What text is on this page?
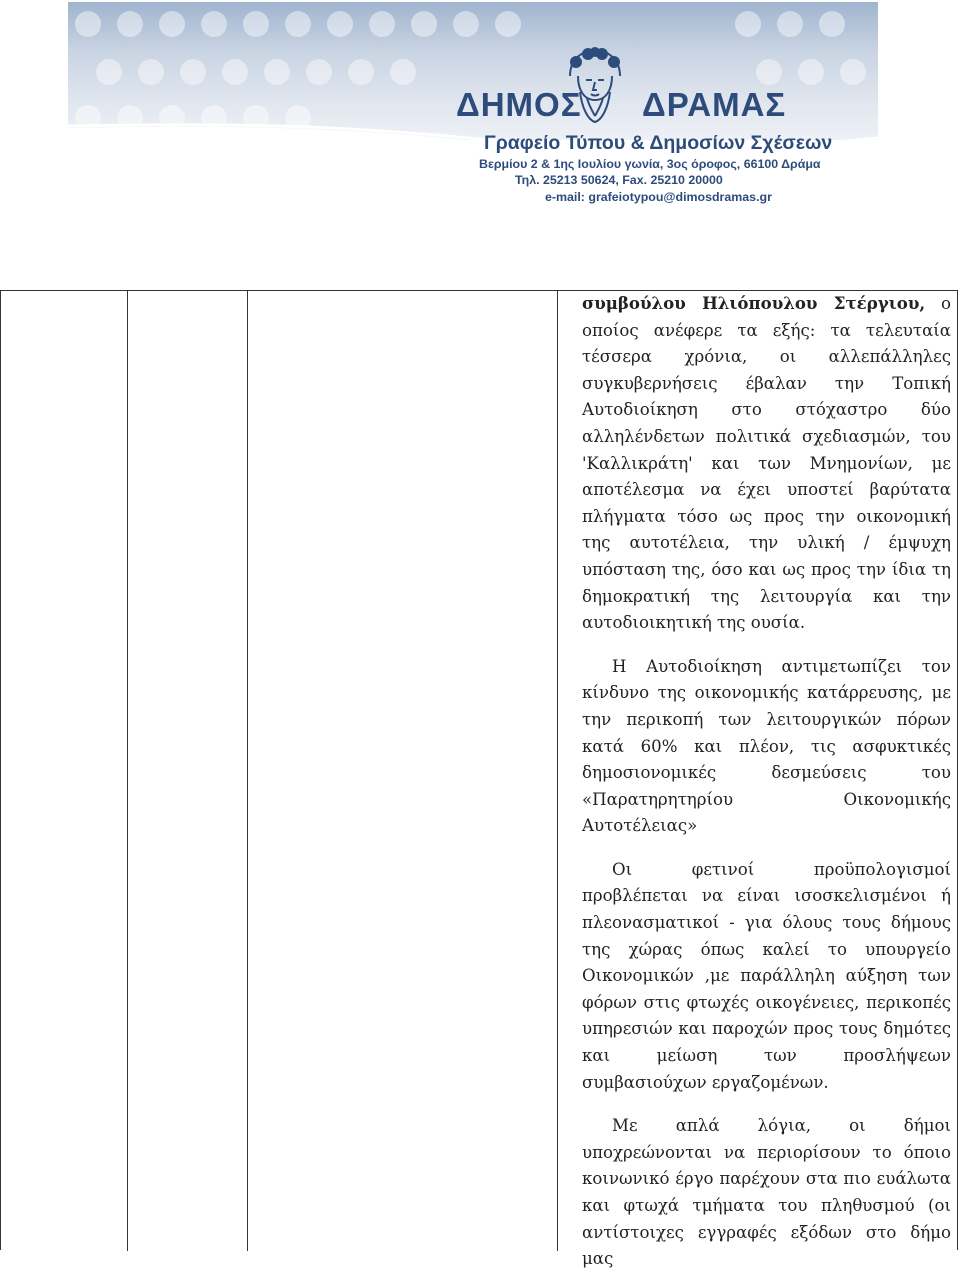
ΔΗΜΟΣ ΔΡΑΜΑΣ
Γραφείο Τύπου & Δημοσίων Σχέσεων
Βερμίου 2 & 1ης Ιουλίου γωνία, 3ος όροφος, 66100 Δράμα
Τηλ. 25213 50624, Fax. 25210 20000
e-mail: grafeiotypou@dimosdramas.gr

συμβούλου Ηλιόπουλου Στέργιου, ο οποίος ανέφερε τα εξής: τα τελευταία τέσσερα χρόνια, οι αλλεπάλληλες συγκυβερνήσεις έβαλαν την Τοπική Αυτοδιοίκηση στο στόχαστρο δύο αλληλένδετων πολιτικά σχεδιασμών, του 'Καλλικράτη' και των Μνημονίων, με αποτέλεσμα να έχει υποστεί βαρύτατα πλήγματα τόσο ως προς την οικονομική της αυτοτέλεια, την υλική / έμψυχη υπόσταση της, όσο και ως προς την ίδια τη δημοκρατική της λειτουργία και την αυτοδιοικητική της ουσία.

Η Αυτοδιοίκηση αντιμετωπίζει τον κίνδυνο της οικονομικής κατάρρευσης, με την περικοπή των λειτουργικών πόρων κατά 60% και πλέον, τις ασφυκτικές δημοσιονομικές δεσμεύσεις του «Παρατηρητηρίου Οικονομικής Αυτοτέλειας»

Οι φετινοί προϋπολογισμοί προβλέπεται να είναι ισοσκελισμένοι ή πλεονασματικοί - για όλους τους δήμους της χώρας όπως καλεί το υπουργείο Οικονομικών ,με παράλληλη αύξηση των φόρων στις φτωχές οικογένειες, περικοπές υπηρεσιών και παροχών προς τους δημότες και μείωση των προσλήψεων συμβασιούχων εργαζομένων.

Με απλά λόγια, οι δήμοι υποχρεώνονται να περιορίσουν το όποιο κοινωνικό έργο παρέχουν στα πιο ευάλωτα και φτωχά τμήματα του πληθυσμού (οι αντίστοιχες εγγραφές εξόδων στο δήμο μας
